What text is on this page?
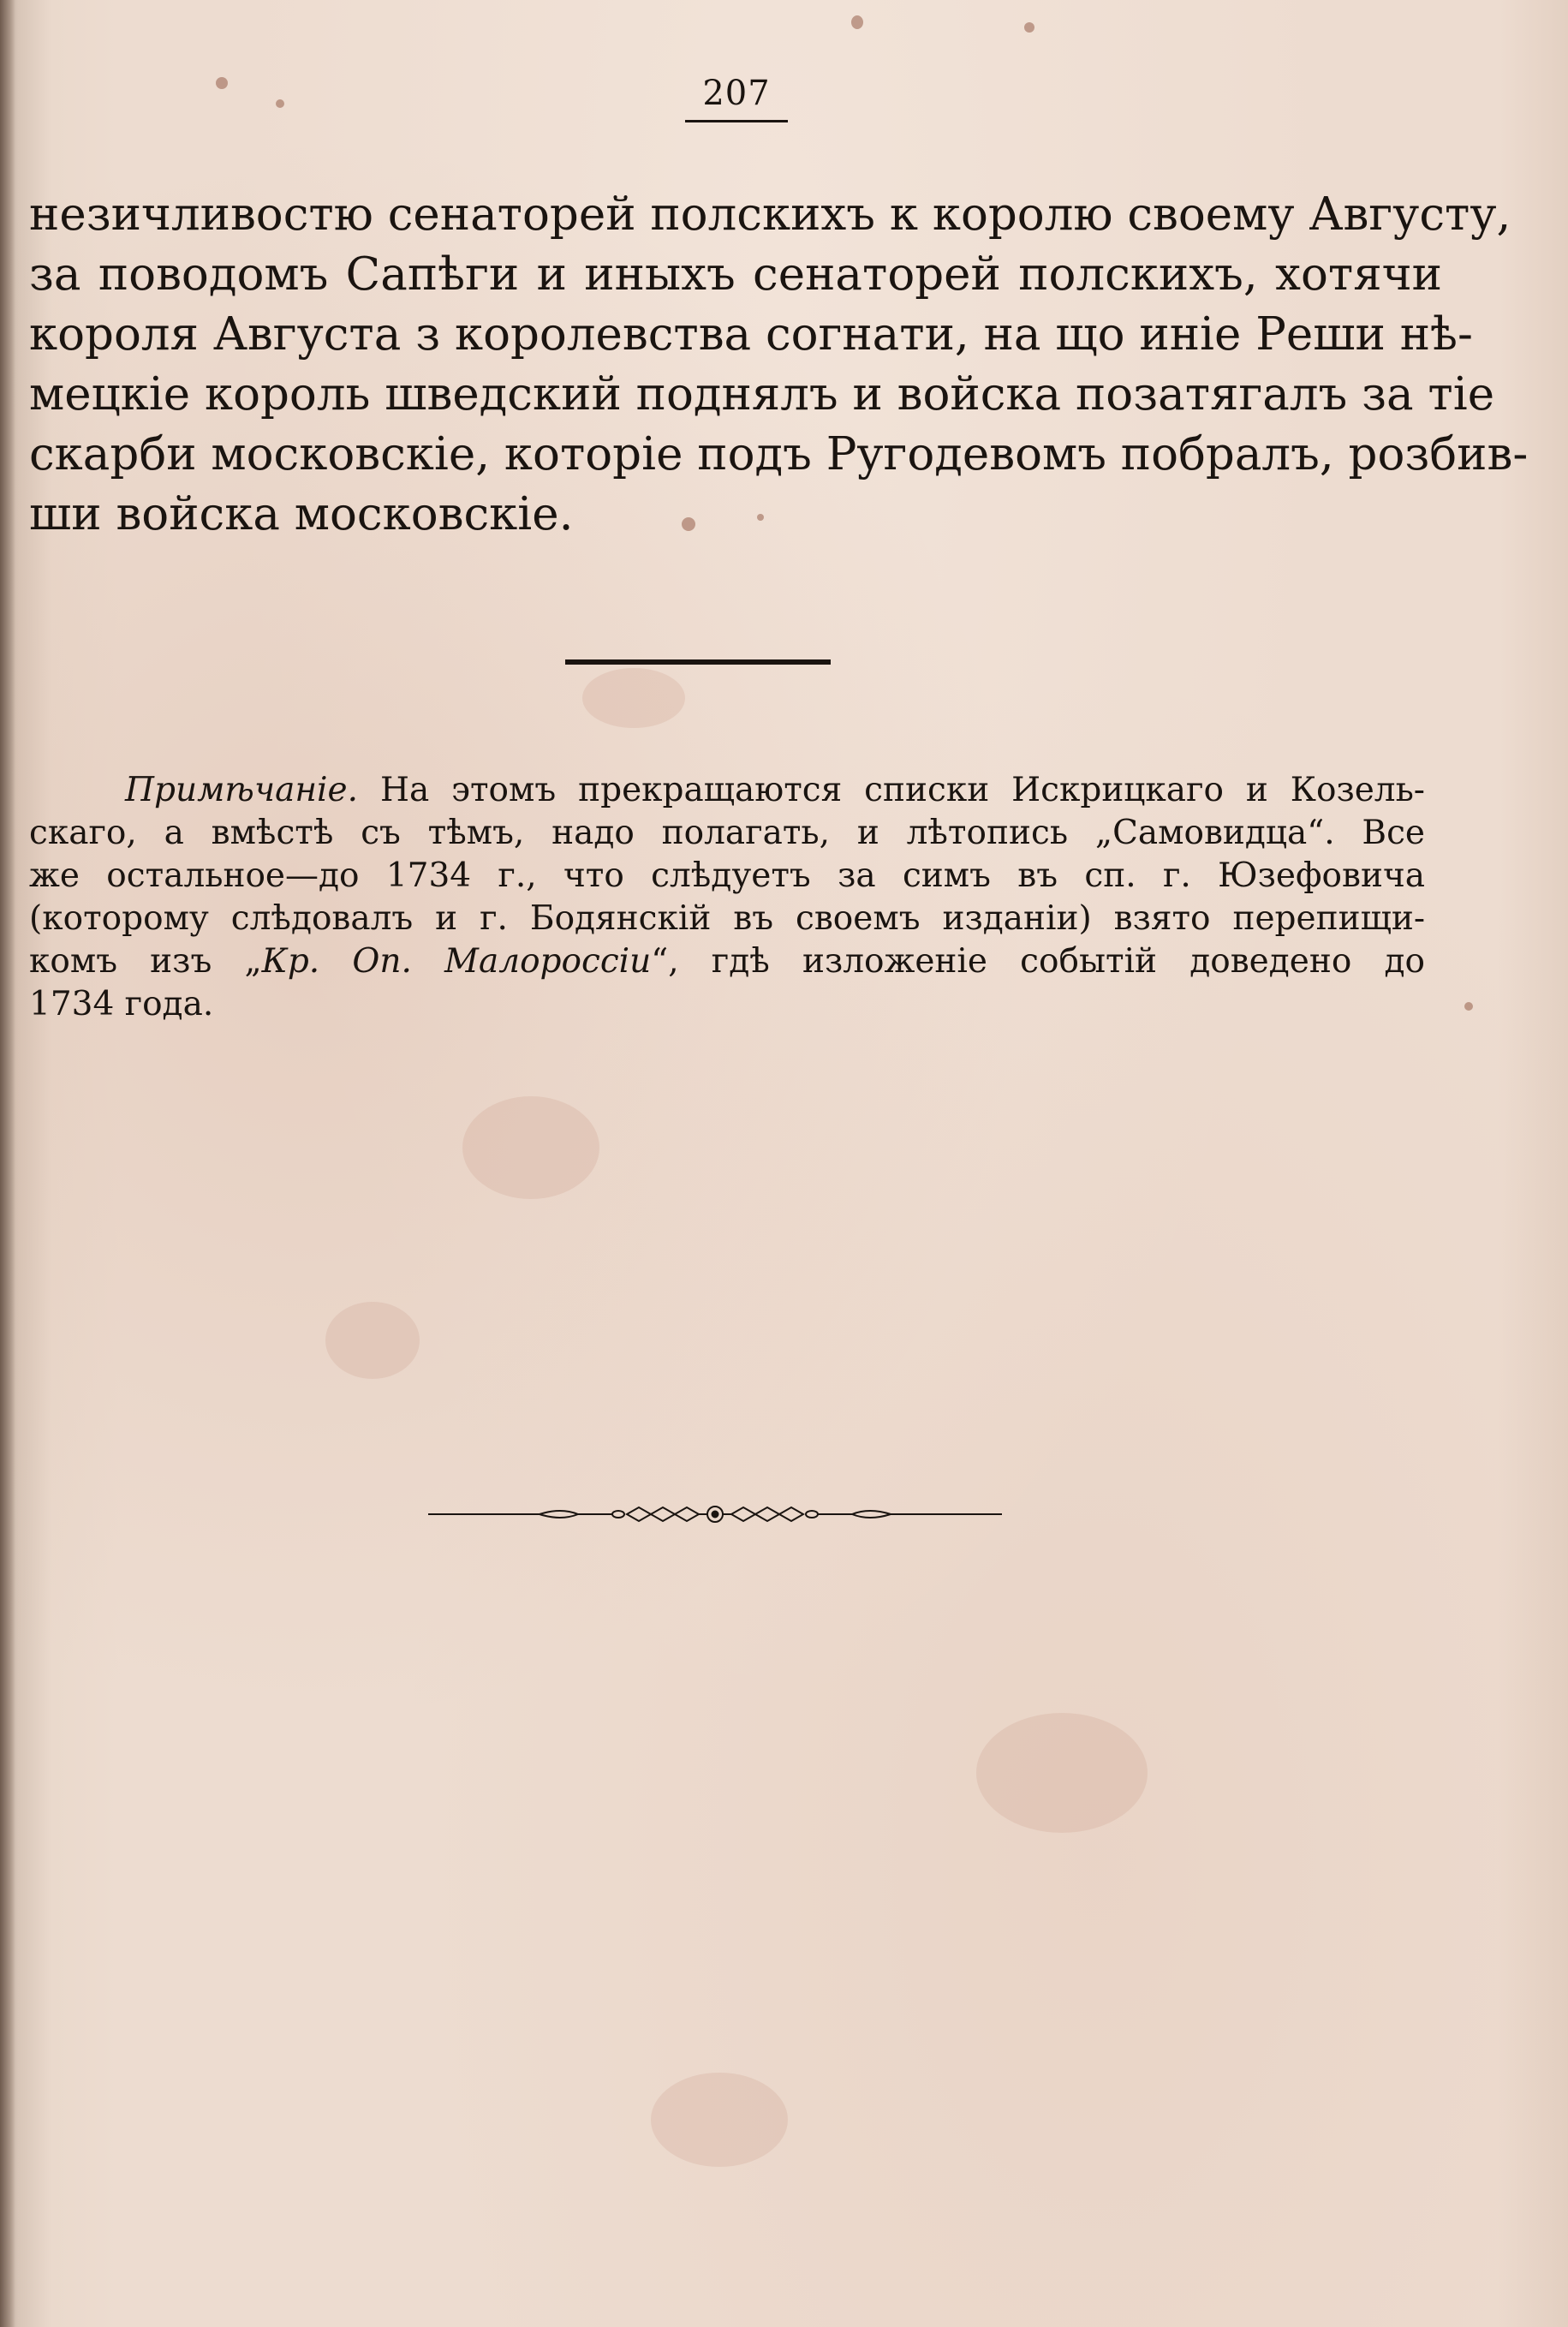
207
незичливостю сенаторей полскихъ к королю своему Августу,
за поводомъ Сапѣги и иныхъ сенаторей полскихъ, хотячи
короля Августа з королевства согнати, на що иніе Реши нѣ-
мецкіе король шведский поднялъ и войска позатягалъ за тіе
скарби московскіе, которіе подъ Ругодевомъ побралъ, розбив-
ши войска московскіе.
Примѣчаніе. На этомъ прекращаются списки Искрицкаго и Козель-
скаго, а вмѣстѣ съ тѣмъ, надо полагать, и лѣтопись „Самовидца“. Все
же остальное—до 1734 г., что слѣдуетъ за симъ въ сп. г. Юзефовича
(которому слѣдовалъ и г. Бодянскій въ своемъ изданіи) взято перепищи-
комъ изъ „Кр. Оп. Малороссіи“, гдѣ изложеніе событій доведено до
1734 года.
